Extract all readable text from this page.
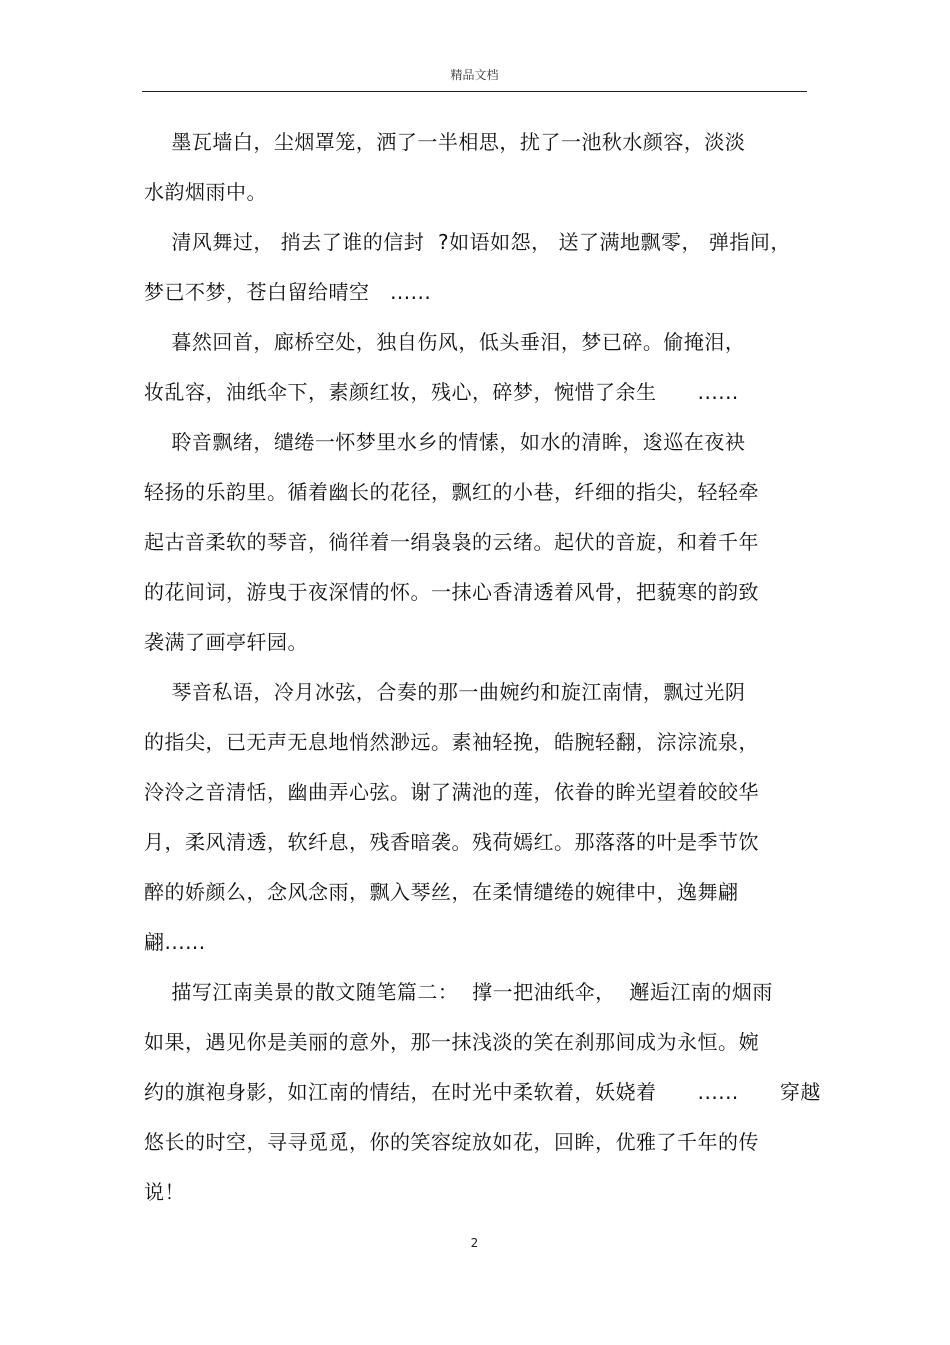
精品文档
墨瓦墙白，尘烟罩笼，洒了一半相思，扰了一池秋水颜容，淡淡
水韵烟雨中。
清风舞过， 捎去了谁的信封  ?如语如怨， 送了满地飘零， 弹指间，
梦已不梦，苍白留给晴空   ......
暮然回首，廊桥空处，独自伤风，低头垂泪，梦已碎。偷掩泪，
妆乱容，油纸伞下，素颜红妆，残心，碎梦，惋惜了余生      ......
聆音飘绪，缱绻一怀梦里水乡的情愫，如水的清眸，逡巡在夜袂
轻扬的乐韵里。循着幽长的花径，飘红的小巷，纤细的指尖，轻轻牵
起古音柔软的琴音，徜徉着一绢袅袅的云绪。起伏的音旋，和着千年
的花间词，游曳于夜深情的怀。一抹心香清透着风骨，把藐寒的韵致
袭满了画亭轩园。
琴音私语，冷月冰弦，合奏的那一曲婉约和旋江南情，飘过光阴
的指尖，已无声无息地悄然渺远。素袖轻挽，皓腕轻翻，淙淙流泉，
泠泠之音清恬，幽曲弄心弦。谢了满池的莲，依眷的眸光望着皎皎华
月，柔风清透，软纤息，残香暗袭。残荷嫣红。那落落的叶是季节饮
醉的娇颜么，念风念雨，飘入琴丝，在柔情缱绻的婉律中，逸舞翩
翩......
描写江南美景的散文随笔篇二：  撑一把油纸伞，  邂逅江南的烟雨
如果，遇见你是美丽的意外，那一抹浅淡的笑在刹那间成为永恒。婉
约的旗袍身影，如江南的情结，在时光中柔软着，妖娆着      ......      穿越
悠长的时空，寻寻觅觅，你的笑容绽放如花，回眸，优雅了千年的传
说！
2
